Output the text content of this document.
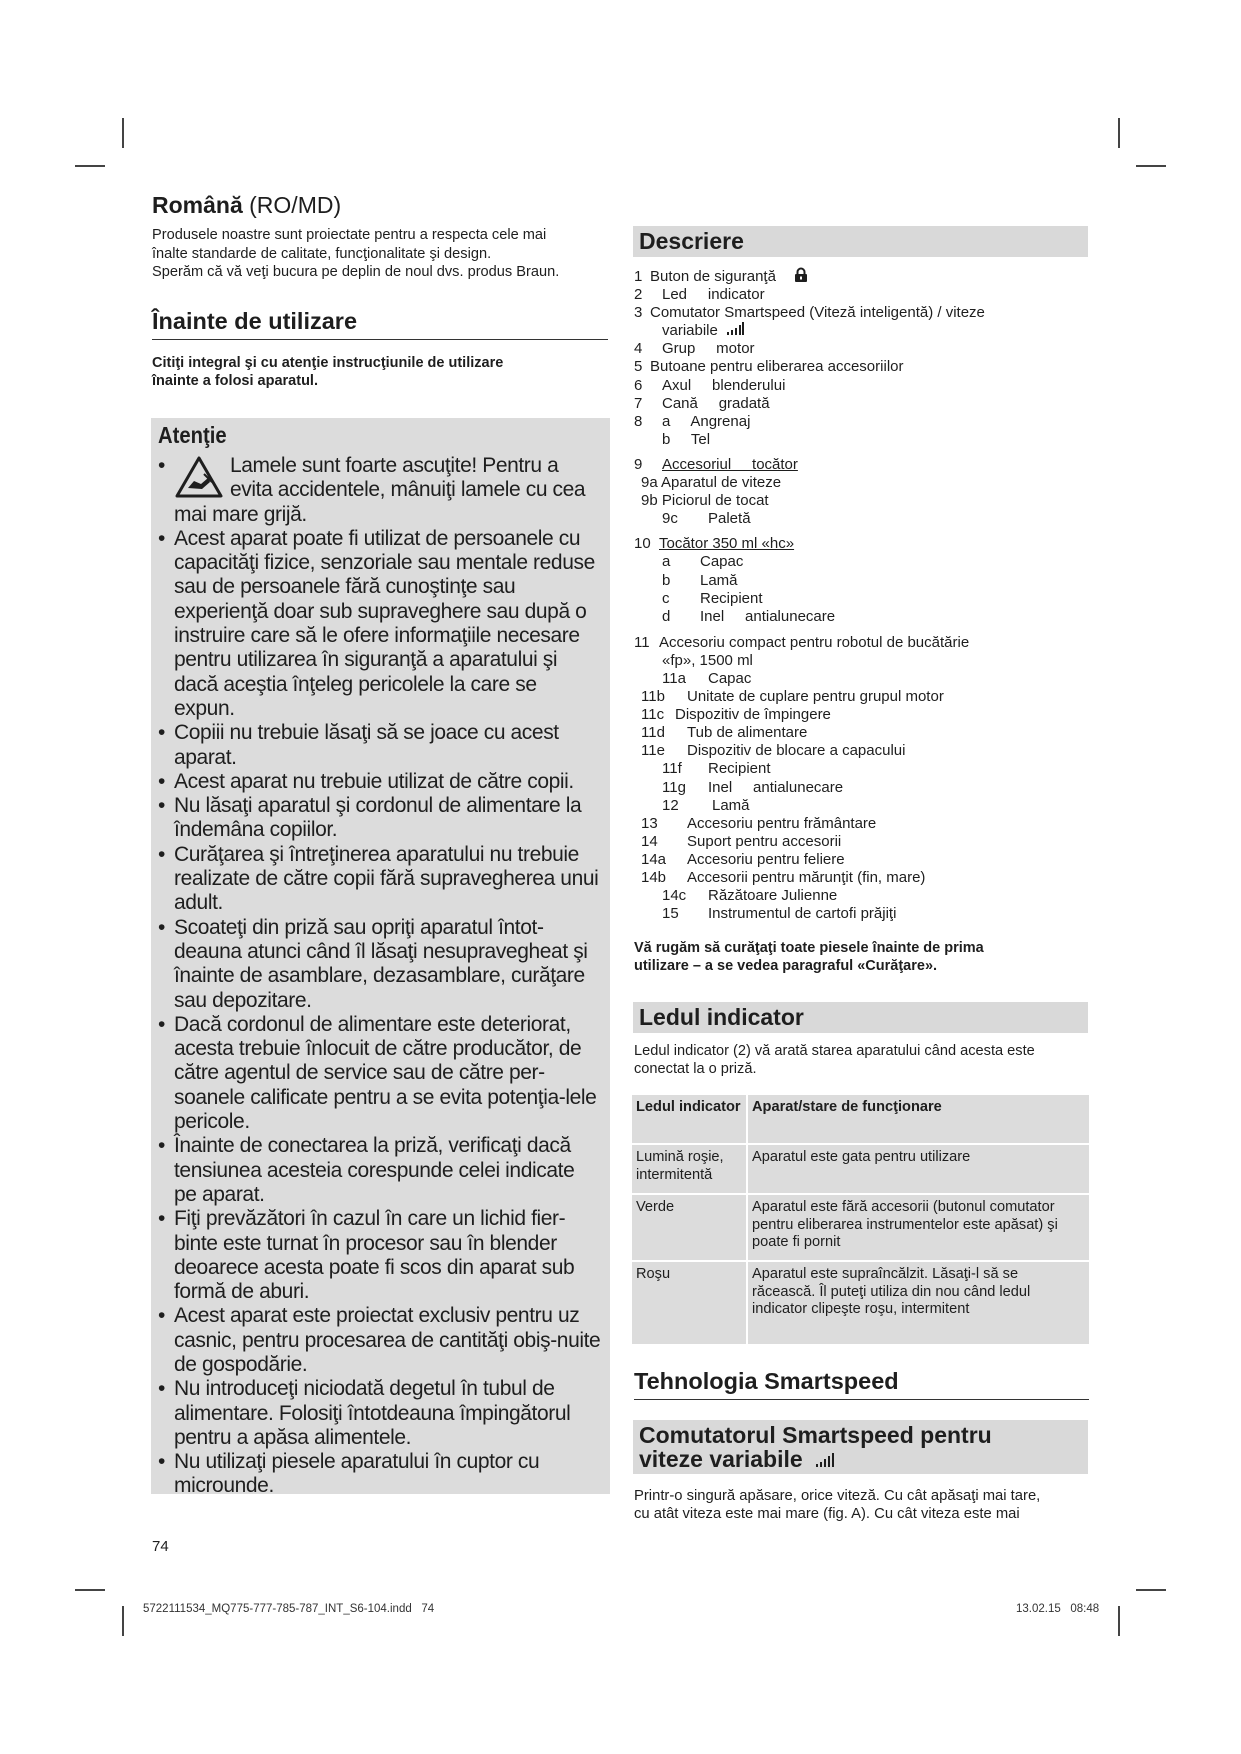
Română (RO/MD)
Produsele noastre sunt proiectate pentru a respecta cele mai
înalte standarde de calitate, funcţionalitate şi design.
Sperăm că vă veţi bucura pe deplin de noul dvs. produs Braun.
Înainte de utilizare
Citiţi integral şi cu atenţie instrucţiunile de utilizare
înainte a folosi aparatul.
Atenţie
•	Lamele sunt foarte ascuţite! Pentru a evita accidentele, mânuiţi lamele cu cea mai mare grijă.
• Acest aparat poate fi utilizat de persoanele cu capacităţi fizice, senzoriale sau mentale reduse sau de persoanele fără cunoştinţe sau experienţă doar sub supraveghere sau după o instruire care să le ofere informaţiile necesare pentru utilizarea în siguranţă a aparatului şi dacă aceştia înţeleg pericolele la care se expun.
• Copiii nu trebuie lăsaţi să se joace cu acest aparat.
• Acest aparat nu trebuie utilizat de către copii.
• Nu lăsaţi aparatul şi cordonul de alimentare la îndemâna copiilor.
• Curăţarea şi întreţinerea aparatului nu trebuie realizate de către copii fără supravegherea unui adult.
• Scoateţi din priză sau opriţi aparatul întot-deauna atunci când îl lăsaţi nesupravegheat şi înainte de asamblare, dezasamblare, curăţare sau depozitare.
• Dacă cordonul de alimentare este deteriorat, acesta trebuie înlocuit de către producător, de către agentul de service sau de către per-soanele calificate pentru a se evita potenţia-lele pericole.
• Înainte de conectarea la priză, verificaţi dacă tensiunea acesteia corespunde celei indicate pe aparat.
• Fiţi prevăzători în cazul în care un lichid fier-binte este turnat în procesor sau în blender deoarece acesta poate fi scos din aparat sub formă de aburi.
• Acest aparat este proiectat exclusiv pentru uz casnic, pentru procesarea de cantităţi obiş-nuite de gospodărie.
• Nu introduceţi niciodată degetul în tubul de alimentare. Folosiţi întotdeauna împingătorul pentru a apăsa alimentele.
• Nu utilizaţi piesele aparatului în cuptor cu microunde.
74
Descriere
1 Buton de siguranţă
2 Led     indicator
3 Comutator Smartspeed (Viteză inteligentă) / viteze
variabile
4 Grup     motor
5 Butoane pentru eliberarea accesoriilor
6 Axul     blenderului
7 Cană     gradată
8 a     Angrenaj
b     Tel
9 Accesoriul     tocător
9a Aparatul de viteze
9b Piciorul de tocat
9c Paletă
10 Tocător 350 ml «hc»
a Capac
b Lamă
c Recipient
d Inel     antialunecare
11 Accesoriu compact pentru robotul de bucătărie
«fp», 1500 ml
11a Capac
11b Unitate de cuplare pentru grupul motor
11c Dispozitiv de împingere
11d Tub de alimentare
11e Dispozitiv de blocare a capacului
11f Recipient
11g Inel     antialunecare
12 Lamă
13 Accesoriu pentru frământare
14 Suport pentru accesorii
14a Accesoriu pentru feliere
14b Accesorii pentru mărunţit (fin, mare)
14c Răzătoare Julienne
15 Instrumentul de cartofi prăjiţi
Vă rugăm să curăţaţi toate piesele înainte de prima
utilizare – a se vedea paragraful «Curăţare».
Ledul indicator
Ledul indicator (2) vă arată starea aparatului când acesta este
conectat la o priză.
Ledul indicator	Aparat/stare de funcţionare
Lumină roşie, intermitentă	Aparatul este gata pentru utilizare
Verde	Aparatul este fără accesorii (butonul comutator pentru eliberarea instrumentelor este apăsat) şi poate fi pornit
Roşu	Aparatul este supraîncălzit. Lăsaţi-l să se răcească. Îl puteţi utiliza din nou când ledul indicator clipeşte roşu, intermitent
Tehnologia Smartspeed
Comutatorul Smartspeed pentru
viteze variabile
Printr-o singură apăsare, orice viteză. Cu cât apăsaţi mai tare,
cu atât viteza este mai mare (fig. A). Cu cât viteza este mai
5722111534_MQ775-777-785-787_INT_S6-104.indd   74	13.02.15   08:48
